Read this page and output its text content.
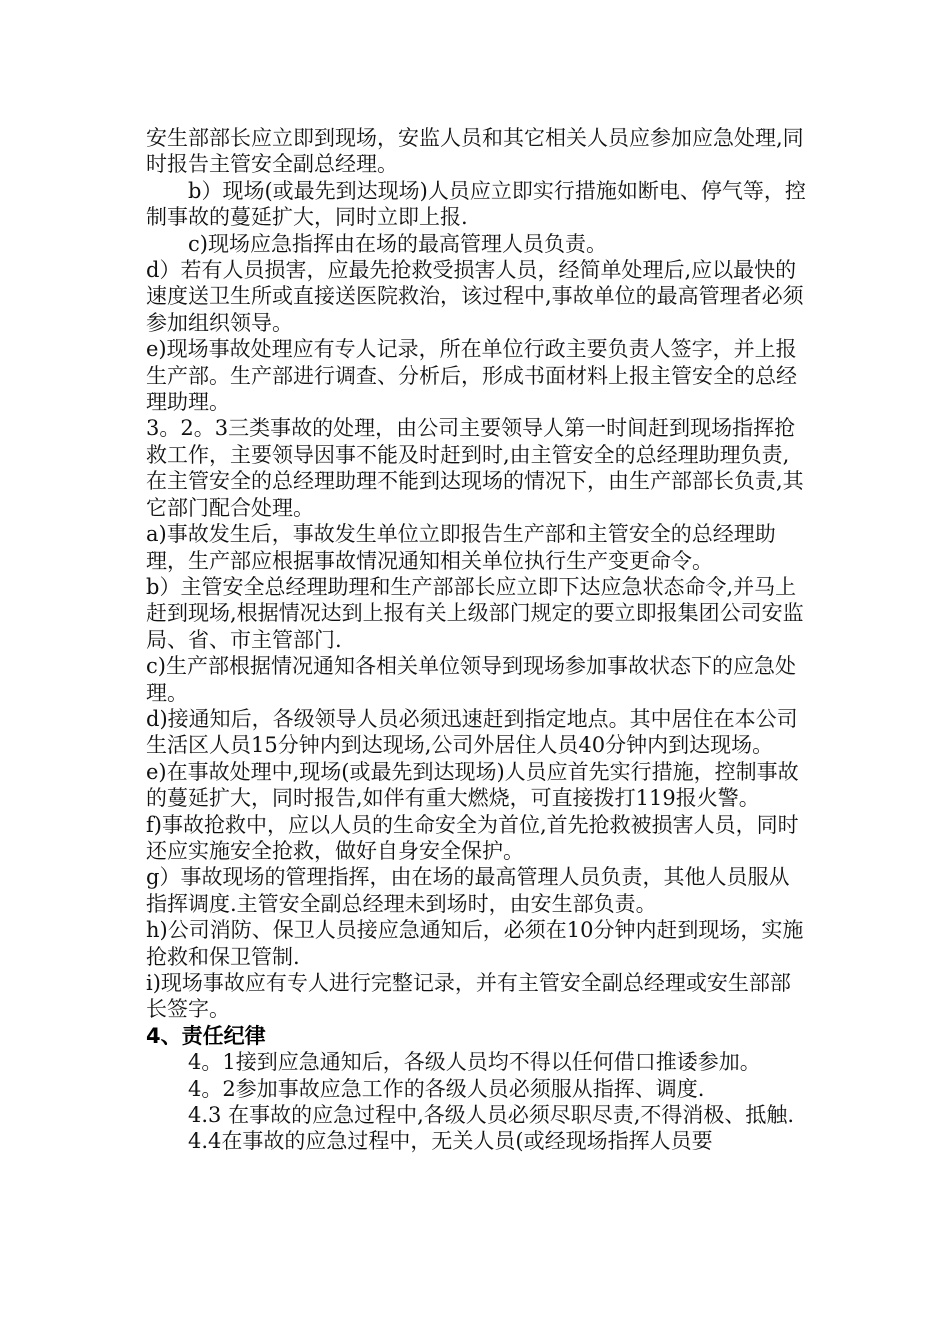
安生部部长应立即到现场，安监人员和其它相关人员应参加应急处理,同时报告主管安全副总经理。

b）现场(或最先到达现场)人员应立即实行措施如断电、停气等，控制事故的蔓延扩大，同时立即上报.

c)现场应急指挥由在场的最高管理人员负责。

d）若有人员损害，应最先抢救受损害人员，经简单处理后,应以最快的速度送卫生所或直接送医院救治，该过程中,事故单位的最高管理者必须参加组织领导。

e)现场事故处理应有专人记录，所在单位行政主要负责人签字，并上报生产部。生产部进行调查、分析后，形成书面材料上报主管安全的总经理助理。

3。2。3三类事故的处理，由公司主要领导人第一时间赶到现场指挥抢救工作，主要领导因事不能及时赶到时,由主管安全的总经理助理负责,在主管安全的总经理助理不能到达现场的情况下，由生产部部长负责,其它部门配合处理。

a)事故发生后，事故发生单位立即报告生产部和主管安全的总经理助理，生产部应根据事故情况通知相关单位执行生产变更命令。

b）主管安全总经理助理和生产部部长应立即下达应急状态命令,并马上赶到现场,根据情况达到上报有关上级部门规定的要立即报集团公司安监局、省、市主管部门.

c)生产部根据情况通知各相关单位领导到现场参加事故状态下的应急处理。

d)接通知后，各级领导人员必须迅速赶到指定地点。其中居住在本公司生活区人员15分钟内到达现场,公司外居住人员40分钟内到达现场。

e)在事故处理中,现场(或最先到达现场)人员应首先实行措施，控制事故的蔓延扩大，同时报告,如伴有重大燃烧，可直接拨打119报火警。

f)事故抢救中，应以人员的生命安全为首位,首先抢救被损害人员，同时还应实施安全抢救，做好自身安全保护。

g）事故现场的管理指挥，由在场的最高管理人员负责，其他人员服从指挥调度.主管安全副总经理未到场时，由安生部负责。

h)公司消防、保卫人员接应急通知后，必须在10分钟内赶到现场，实施抢救和保卫管制.

i)现场事故应有专人进行完整记录，并有主管安全副总经理或安生部部长签字。

4、责任纪律

4。1接到应急通知后，各级人员均不得以任何借口推诿参加。

4。2参加事故应急工作的各级人员必须服从指挥、调度.

4.3 在事故的应急过程中,各级人员必须尽职尽责,不得消极、抵触.

4.4在事故的应急过程中，无关人员(或经现场指挥人员要
